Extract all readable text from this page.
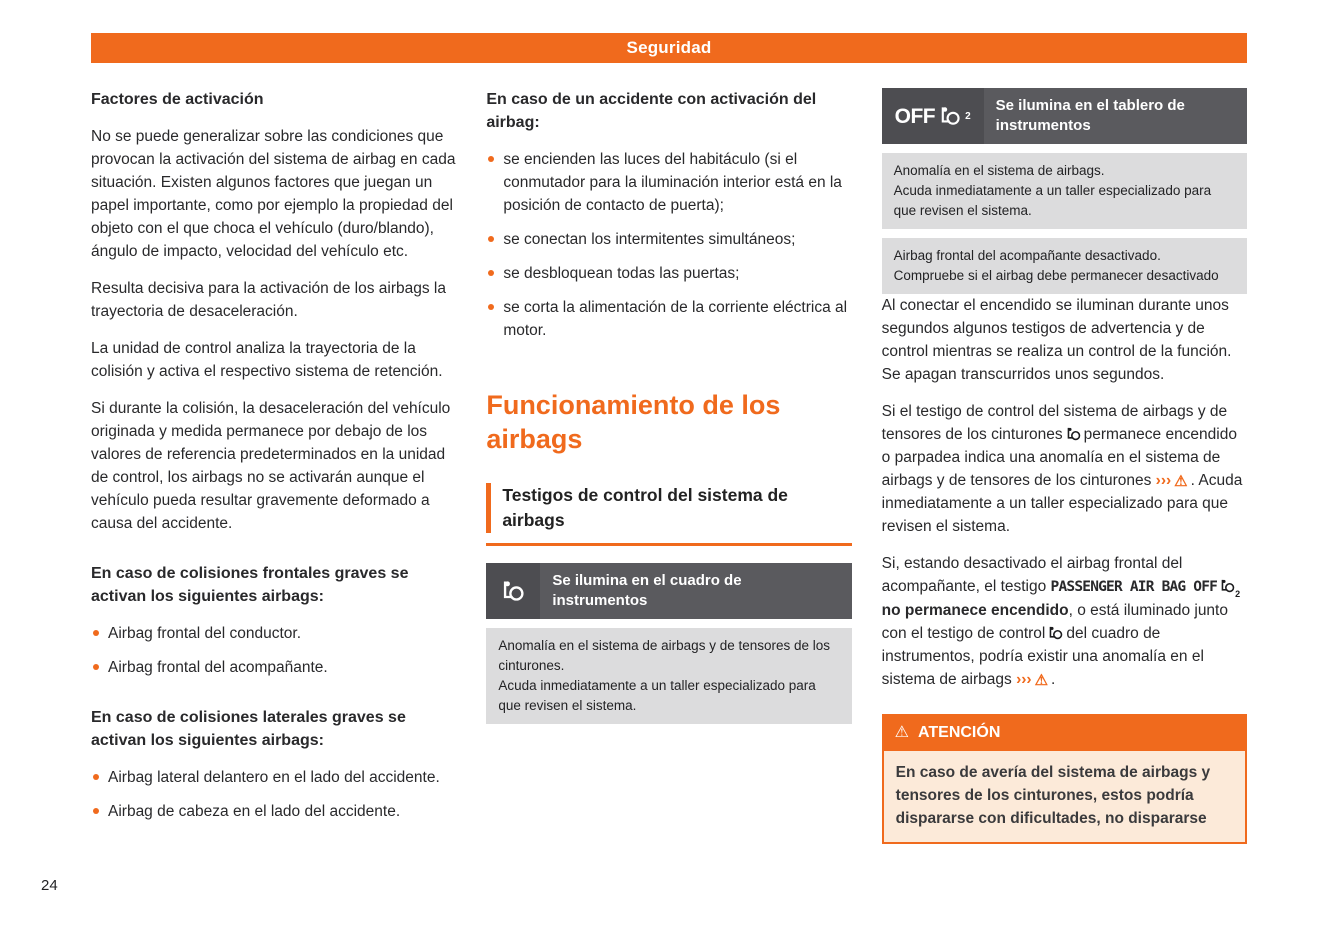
Seguridad
Factores de activación

No se puede generalizar sobre las condiciones que provocan la activación del sistema de airbag en cada situación. Existen algunos factores que juegan un papel importante, como por ejemplo la propiedad del objeto con el que choca el vehículo (duro/blando), ángulo de impacto, velocidad del vehículo etc.

Resulta decisiva para la activación de los airbags la trayectoria de desaceleración.

La unidad de control analiza la trayectoria de la colisión y activa el respectivo sistema de retención.

Si durante la colisión, la desaceleración del vehículo originada y medida permanece por debajo de los valores de referencia predeterminados en la unidad de control, los airbags no se activarán aunque el vehículo pueda resultar gravemente deformado a causa del accidente.

En caso de colisiones frontales graves se activan los siguientes airbags:
Airbag frontal del conductor.
Airbag frontal del acompañante.
En caso de colisiones laterales graves se activan los siguientes airbags:
Airbag lateral delantero en el lado del accidente.
Airbag de cabeza en el lado del accidente.
En caso de un accidente con activación del airbag:
se encienden las luces del habitáculo (si el conmutador para la iluminación interior está en la posición de contacto de puerta);
se conectan los intermitentes simultáneos;
se desbloquean todas las puertas;
se corta la alimentación de la corriente eléctrica al motor.
Funcionamiento de los airbags
Testigos de control del sistema de airbags
Se ilumina en el cuadro de instrumentos
Anomalía en el sistema de airbags y de tensores de los cinturones.
Acuda inmediatamente a un taller especializado para que revisen el sistema.
OFF	2
Se ilumina en el tablero de instrumentos
Anomalía en el sistema de airbags.
Acuda inmediatamente a un taller especializado para que revisen el sistema.
Airbag frontal del acompañante desactivado. Compruebe si el airbag debe permanecer desactivado

Al conectar el encendido se iluminan durante unos segundos algunos testigos de advertencia y de control mientras se realiza un control de la función. Se apagan transcurridos unos segundos.

Si el testigo de control del sistema de airbags y de tensores de los cinturones permanece encendido o parpadea indica una anomalía en el sistema de airbags y de tensores de los cinturones ››› ⚠ . Acuda inmediatamente a un taller especializado para que revisen el sistema.

Si, estando desactivado el airbag frontal del acompañante, el testigo PASSENGER AIR BAG OFF $_2$no permanece encendido, o está iluminado junto con el testigo de control del cuadro de instrumentos, podría existir una anomalía en el sistema de airbags ››› ⚠ .

⚠ ATENCIÓN
En caso de avería del sistema de airbags y tensores de los cinturones, estos podría dispararse con dificultades, no dispararse
24
